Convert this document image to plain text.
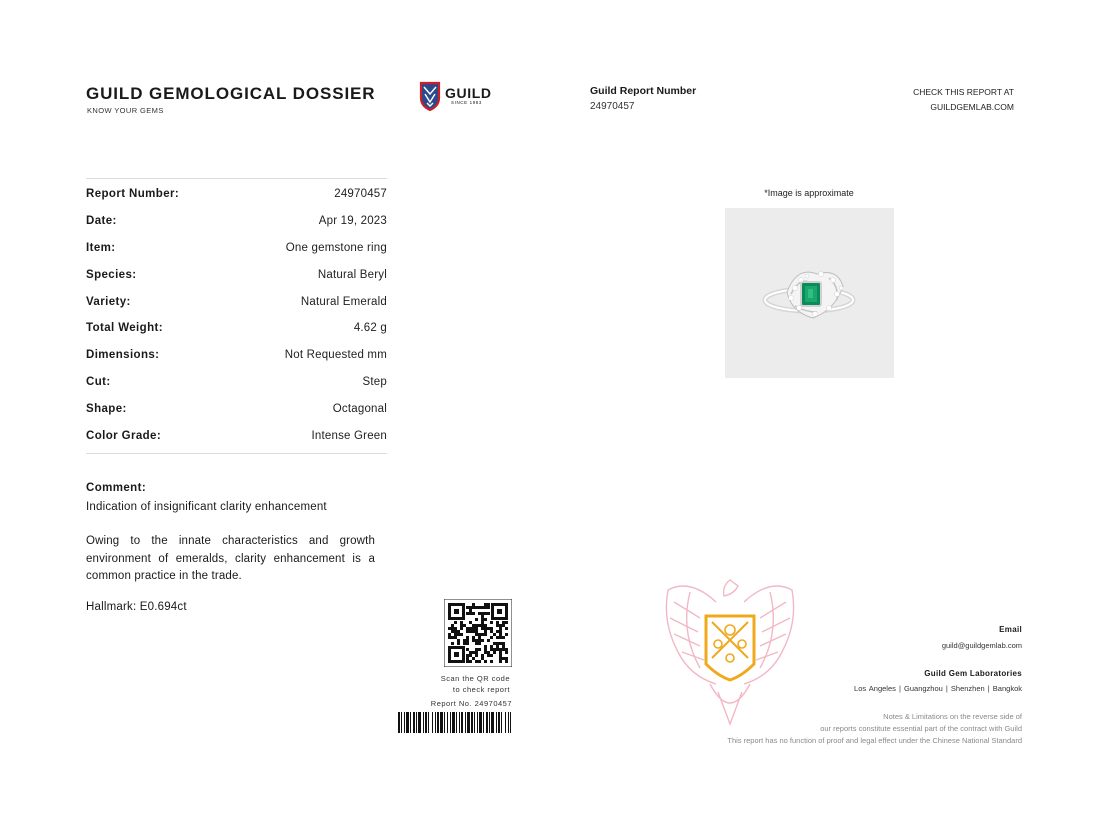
GUILD GEMOLOGICAL DOSSIER
KNOW YOUR GEMS
GUILD
SINCE 1983
Guild Report Number
24970457
CHECK THIS REPORT AT
GUILDGEMLAB.COM
Report Number:	24970457
Date:	Apr 19, 2023
Item:	One gemstone ring
Species:	Natural Beryl
Variety:	Natural Emerald
Total Weight:	4.62 g
Dimensions:	Not Requested mm
Cut:	Step
Shape:	Octagonal
Color Grade:	Intense Green
Comment:
Indication of insignificant clarity enhancement
Owing to the innate characteristics and growth environment of emeralds, clarity enhancement is a common practice in the trade.
Hallmark: E0.694ct
Scan the QR code
to check report
Report No. 24970457
*Image is approximate
Email
guild@guildgemlab.com
Guild Gem Laboratories
Los Angeles | Guangzhou | Shenzhen | Bangkok
Notes & Limitations on the reverse side of
our reports constitute essential part of the contract with Guild
This report has no function of proof and legal effect under the Chinese National Standard
